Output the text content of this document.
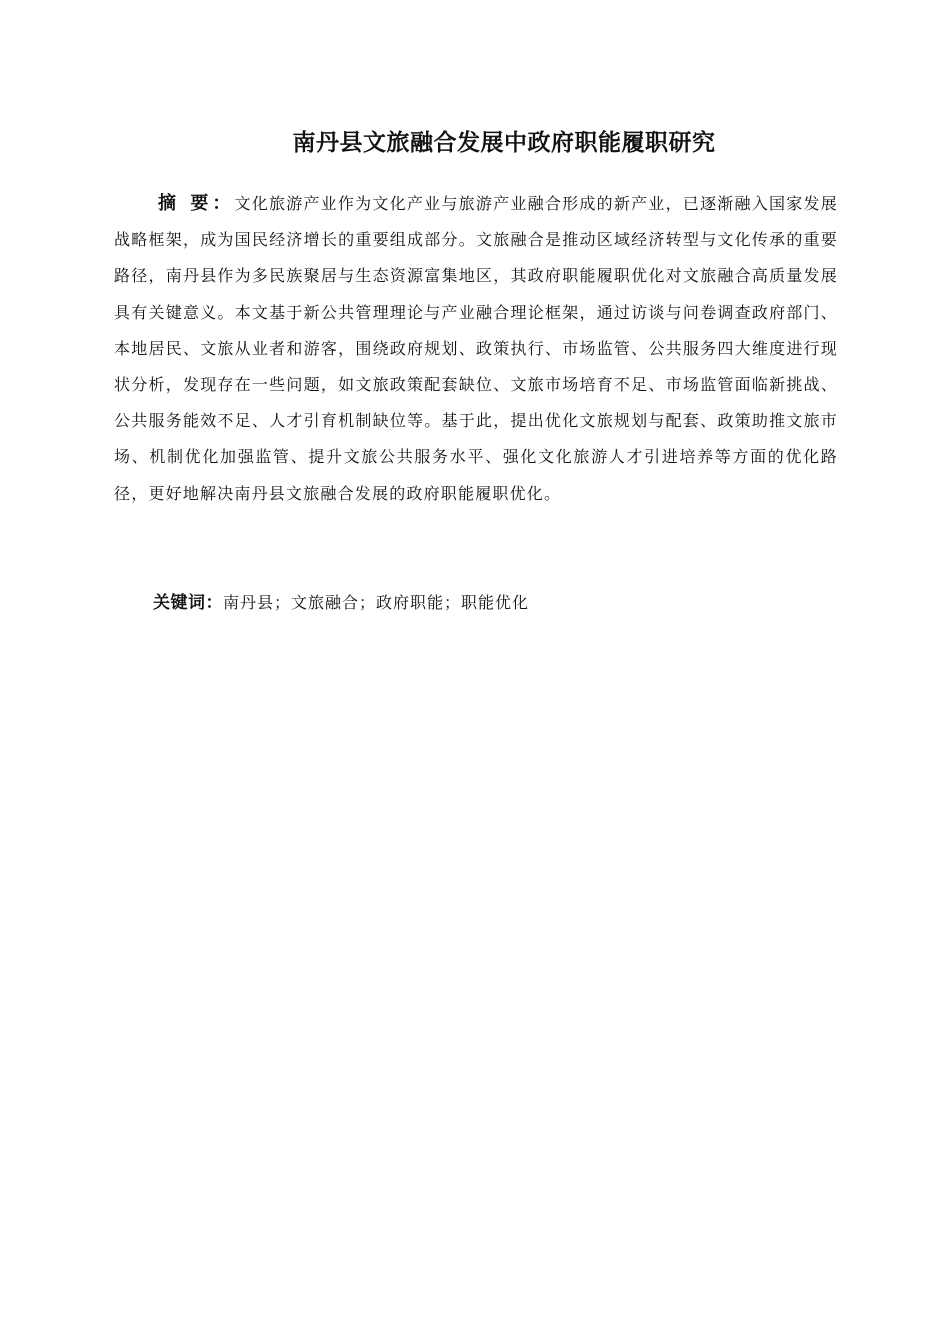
南丹县文旅融合发展中政府职能履职研究

摘 要：文化旅游产业作为文化产业与旅游产业融合形成的新产业，已逐渐融入国家发展战略框架，成为国民经济增长的重要组成部分。文旅融合是推动区域经济转型与文化传承的重要路径，南丹县作为多民族聚居与生态资源富集地区，其政府职能履职优化对文旅融合高质量发展具有关键意义。本文基于新公共管理理论与产业融合理论框架，通过访谈与问卷调查政府部门、本地居民、文旅从业者和游客，围绕政府规划、政策执行、市场监管、公共服务四大维度进行现状分析，发现存在一些问题，如文旅政策配套缺位、文旅市场培育不足、市场监管面临新挑战、公共服务能效不足、人才引育机制缺位等。基于此，提出优化文旅规划与配套、政策助推文旅市场、机制优化加强监管、提升文旅公共服务水平、强化文化旅游人才引进培养等方面的优化路径，更好地解决南丹县文旅融合发展的政府职能履职优化。

关键词：南丹县；文旅融合；政府职能；职能优化
